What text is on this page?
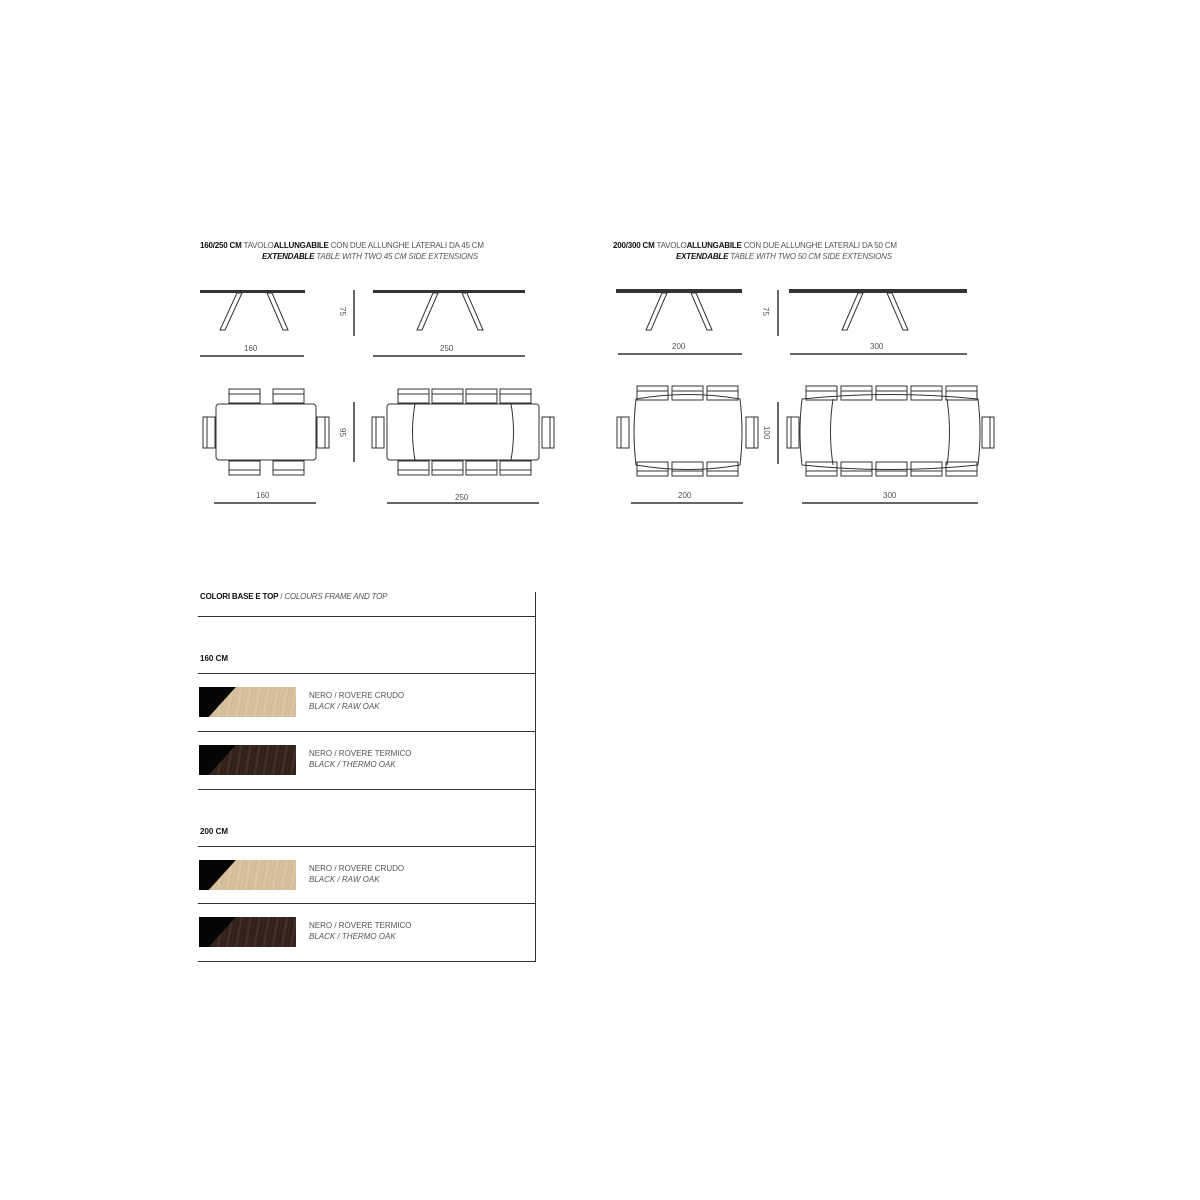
160/250 CM TAVOLOALLUNGABILE CON DUE ALLUNGHE LATERALI DA 45 CM
EXTENDABLE TABLE WITH TWO 45 CM SIDE EXTENSIONS
200/300 CM TAVOLOALLUNGABILE CON DUE ALLUNGHE LATERALI DA 50 CM
EXTENDABLE TABLE WITH TWO 50 CM SIDE EXTENSIONS
160	250
75
95
160	250
200	300
75
100
200	300
COLORI BASE E TOP / COLOURS FRAME AND TOP
160 CM
NERO / ROVERE CRUDO
BLACK / RAW OAK
NERO / ROVERE TERMICO
BLACK / THERMO OAK
200 CM
NERO / ROVERE CRUDO
BLACK / RAW OAK
NERO / ROVERE TERMICO
BLACK / THERMO OAK
